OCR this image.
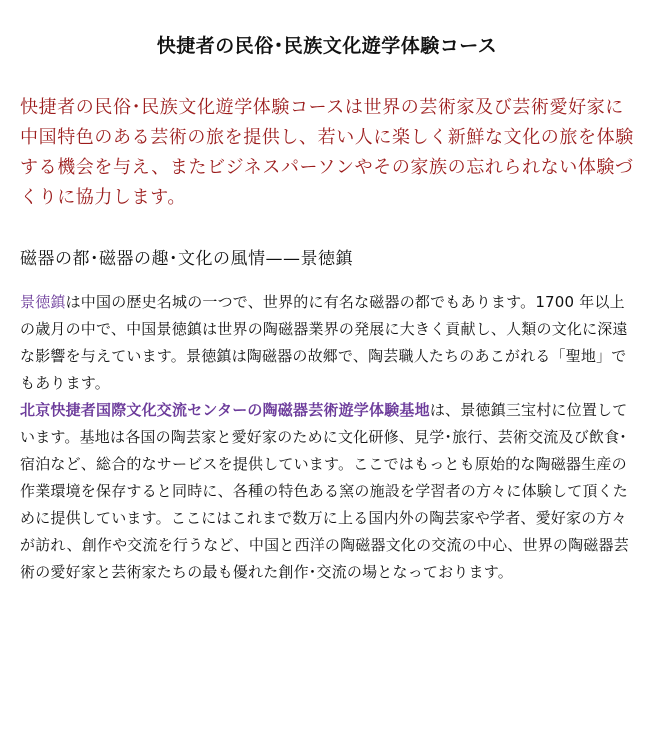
快捷者の民俗･民族文化遊学体験コース

快捷者の民俗･民族文化遊学体験コースは世界の芸術家及び芸術愛好家に中国特色のある芸術の旅を提供し、若い人に楽しく新鮮な文化の旅を体験する機会を与え、またビジネスパーソンやその家族の忘れられない体験づくりに協力します。

磁器の都･磁器の趣･文化の風情——景徳鎮

景徳鎮は中国の歴史名城の一つで、世界的に有名な磁器の都でもあります。1700 年以上の歳月の中で、中国景徳鎮は世界の陶磁器業界の発展に大きく貢献し、人類の文化に深遠な影響を与えています。景徳鎮は陶磁器の故郷で、陶芸職人たちのあこがれる「聖地」でもあります。
北京快捷者国際文化交流センターの陶磁器芸術遊学体験基地は、景徳鎮三宝村に位置しています。基地は各国の陶芸家と愛好家のために文化研修、見学･旅行、芸術交流及び飲食･宿泊など、総合的なサービスを提供しています。ここではもっとも原始的な陶磁器生産の作業環境を保存すると同時に、各種の特色ある窯の施設を学習者の方々に体験して頂くために提供しています。ここにはこれまで数万に上る国内外の陶芸家や学者、愛好家の方々が訪れ、創作や交流を行うなど、中国と西洋の陶磁器文化の交流の中心、世界の陶磁器芸術の愛好家と芸術家たちの最も優れた創作･交流の場となっております。
